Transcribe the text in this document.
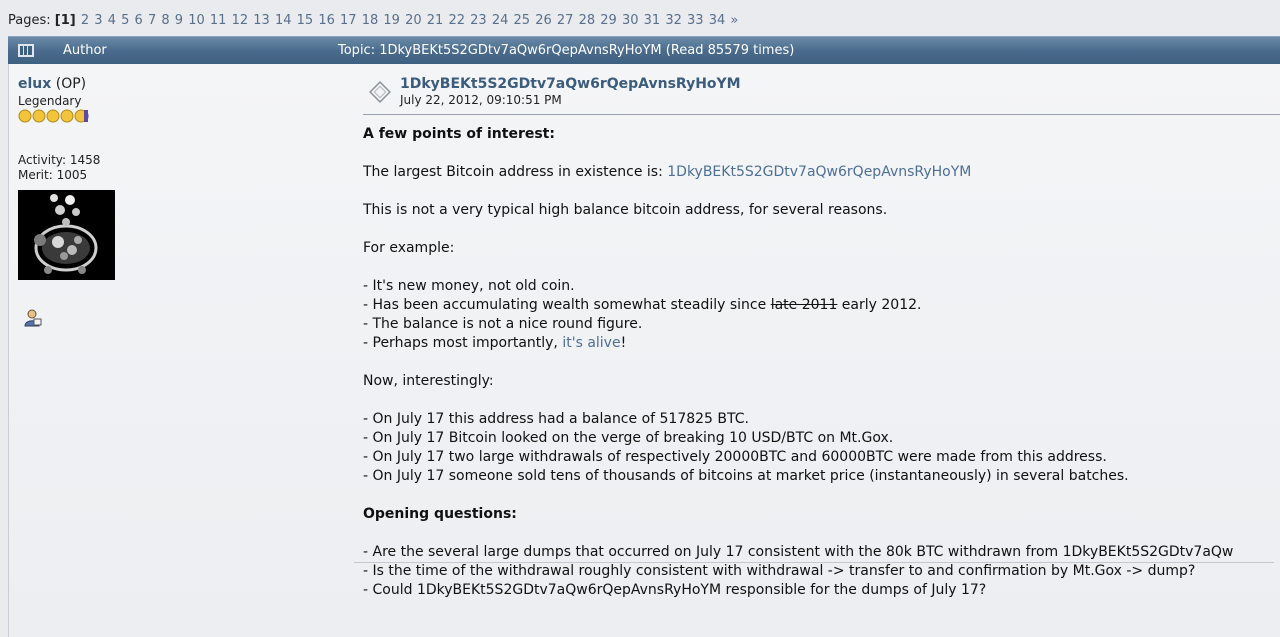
Pages: [1] 2 3 4 5 6 7 8 9 10 11 12 13 14 15 16 17 18 19 20 21 22 23 24 25 26 27 28 29 30 31 32 33 34 »
Author	Topic: 1DkyBEKt5S2GDtv7aQw6rQepAvnsRyHoYM (Read 85579 times)
elux (OP)
Legendary
Activity: 1458
Merit: 1005
1DkyBEKt5S2GDtv7aQw6rQepAvnsRyHoYM
July 22, 2012, 09:10:51 PM

A few points of interest:

The largest Bitcoin address in existence is: 1DkyBEKt5S2GDtv7aQw6rQepAvnsRyHoYM

This is not a very typical high balance bitcoin address, for several reasons.

For example:

- It's new money, not old coin.

- Has been accumulating wealth somewhat steadily since late 2011 early 2012.

- The balance is not a nice round figure.

- Perhaps most importantly, it's alive!

Now, interestingly:

- On July 17 this address had a balance of 517825 BTC.

- On July 17 Bitcoin looked on the verge of breaking 10 USD/BTC on Mt.Gox.

- On July 17 two large withdrawals of respectively 20000BTC and 60000BTC were made from this address.

- On July 17 someone sold tens of thousands of bitcoins at market price (instantaneously) in several batches.

Opening questions:

- Are the several large dumps that occurred on July 17 consistent with the 80k BTC withdrawn from 1DkyBEKt5S2GDtv7aQw

- Is the time of the withdrawal roughly consistent with withdrawal -> transfer to and confirmation by Mt.Gox -> dump?

- Could 1DkyBEKt5S2GDtv7aQw6rQepAvnsRyHoYM responsible for the dumps of July 17?
